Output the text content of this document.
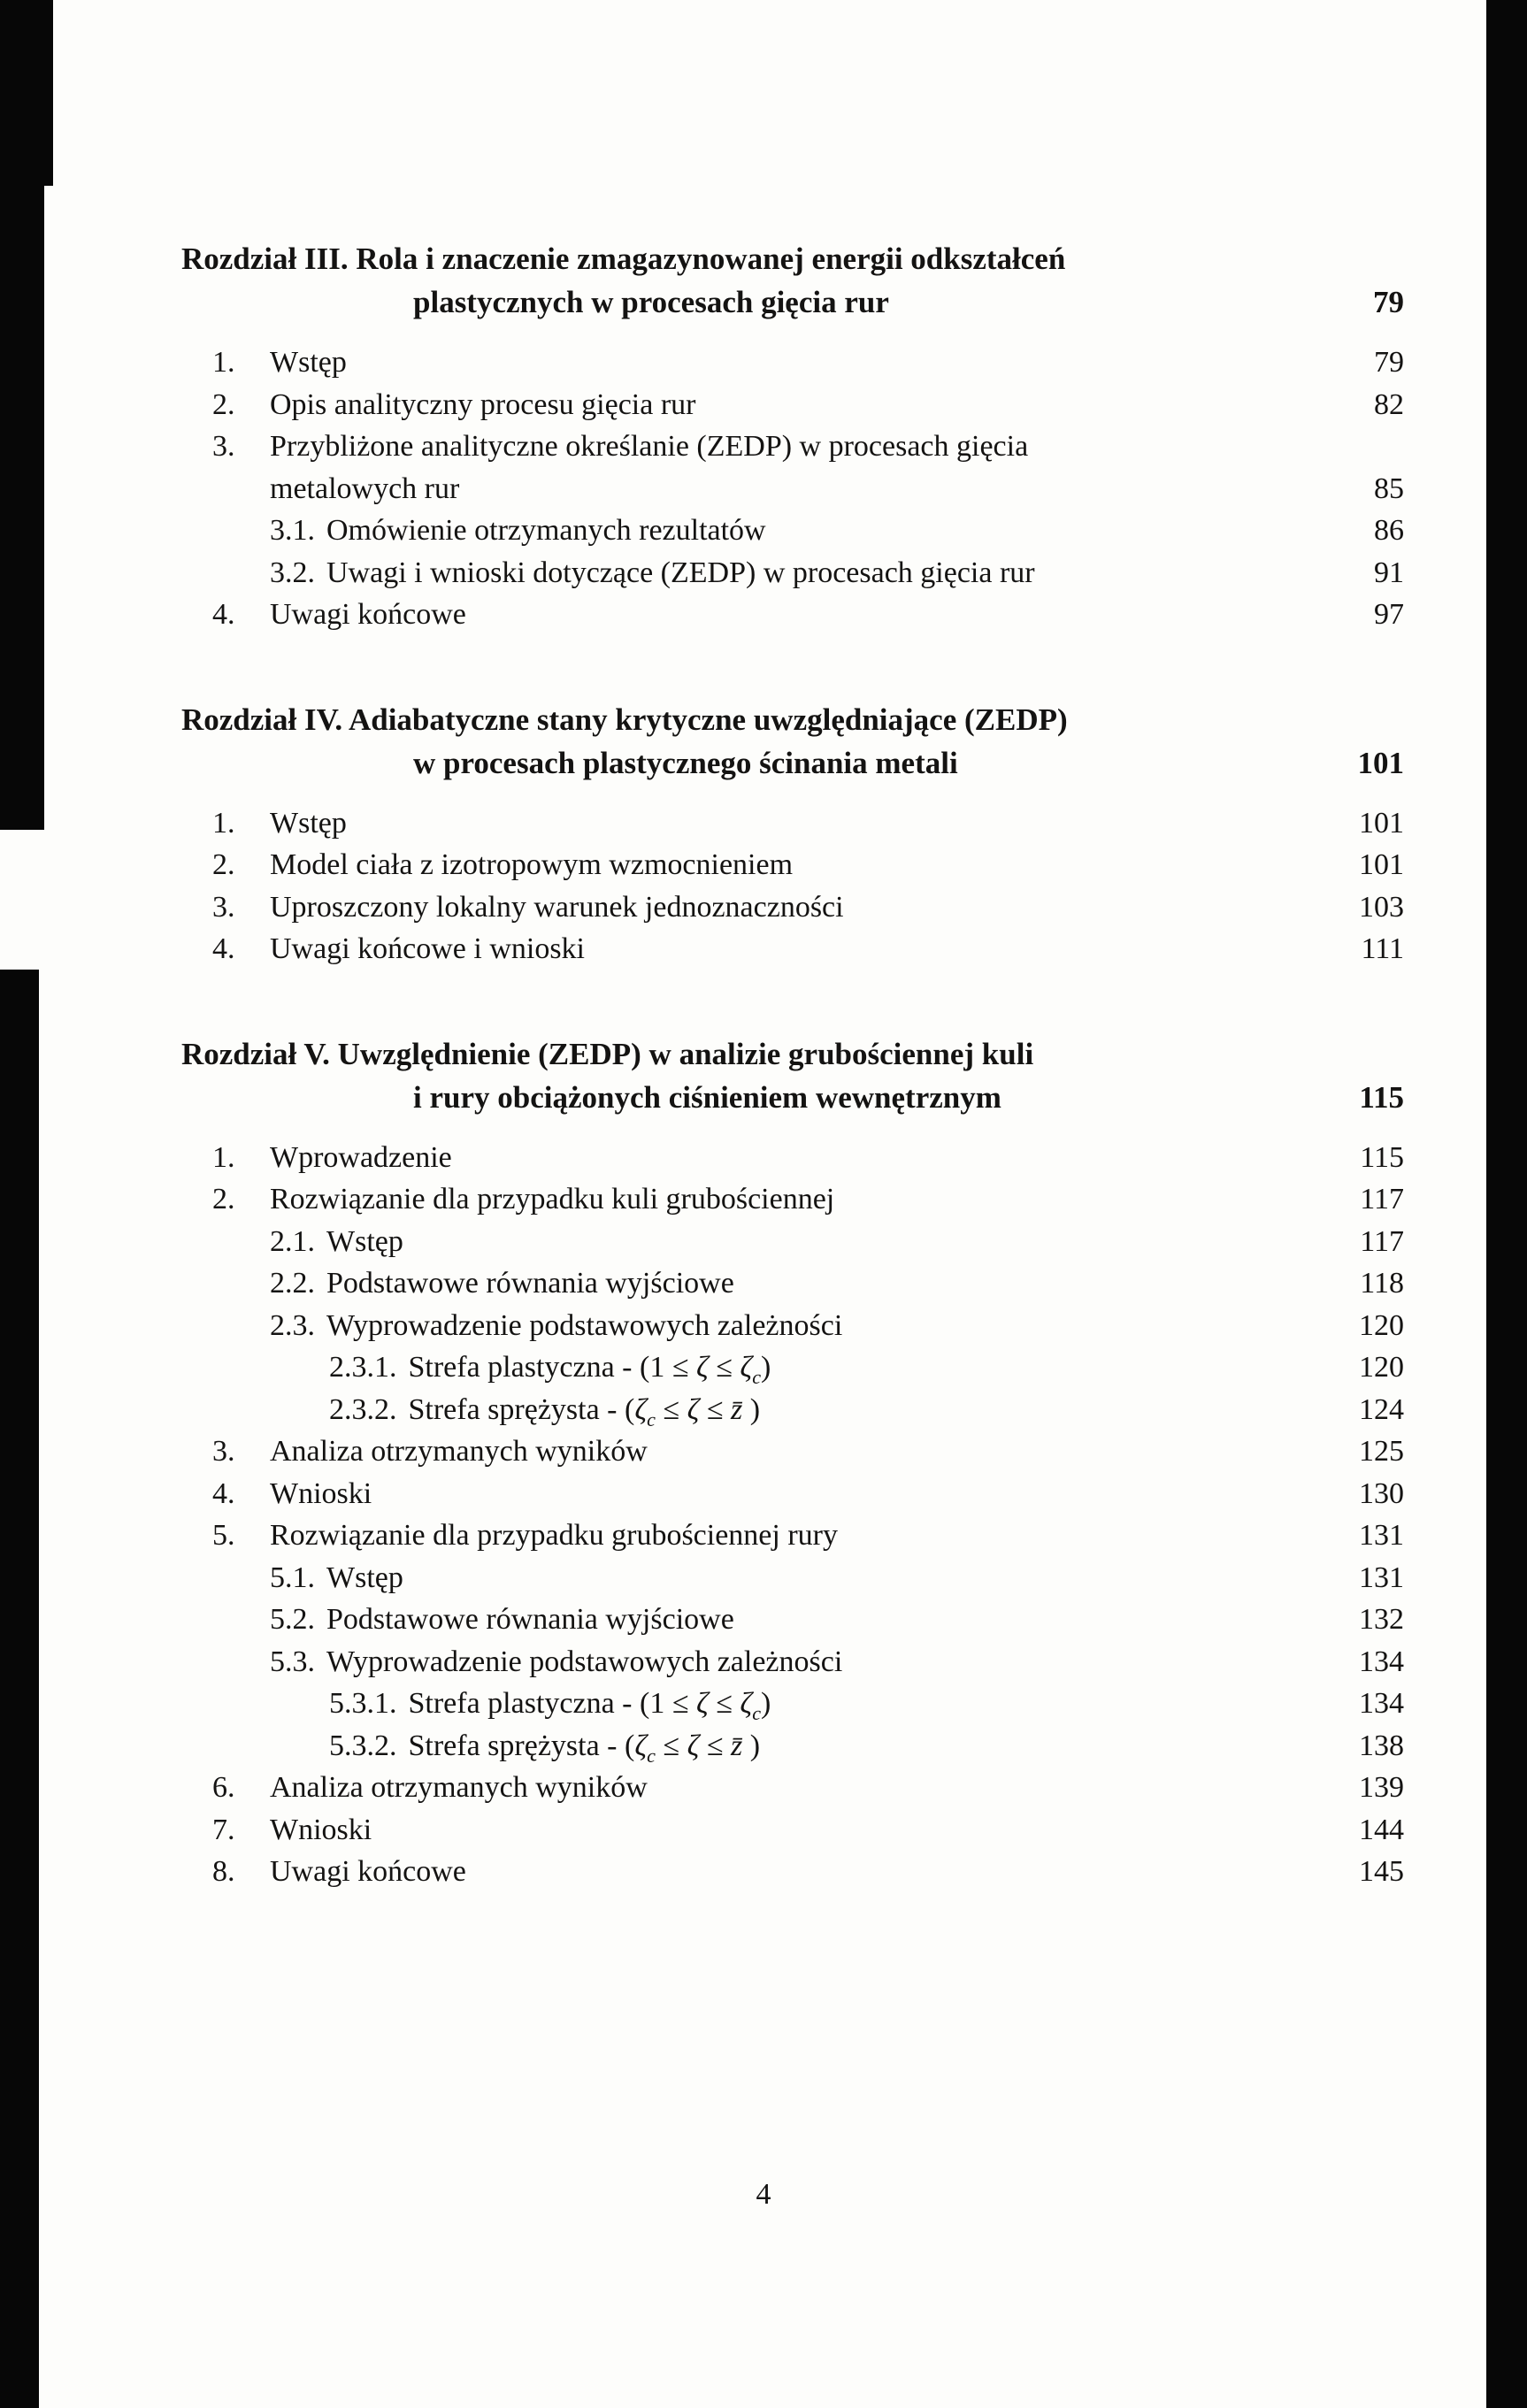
Rozdział III. Rola i znaczenie zmagazynowanej energii odkształceń
plastycznych w procesach gięcia rur	79
1. Wstęp	79
2. Opis analityczny procesu gięcia rur	82
3. Przybliżone analityczne określanie (ZEDP) w procesach gięcia
metalowych rur	85
3.1. Omówienie otrzymanych rezultatów	86
3.2. Uwagi i wnioski dotyczące (ZEDP) w procesach gięcia rur	91
4. Uwagi końcowe	97
Rozdział IV. Adiabatyczne stany krytyczne uwzględniające (ZEDP)
w procesach plastycznego ścinania metali	101
1. Wstęp	101
2. Model ciała z izotropowym wzmocnieniem	101
3. Uproszczony lokalny warunek jednoznaczności	103
4. Uwagi końcowe i wnioski	111
Rozdział V. Uwzględnienie (ZEDP) w analizie grubościennej kuli
i rury obciążonych ciśnieniem wewnętrznym	115
1. Wprowadzenie	115
2. Rozwiązanie dla przypadku kuli grubościennej	117
2.1. Wstęp	117
2.2. Podstawowe równania wyjściowe	118
2.3. Wyprowadzenie podstawowych zależności	120
2.3.1. Strefa plastyczna - $(1 \le \zeta \le \zeta_c)$	120
2.3.2. Strefa sprężysta - ($\zeta_c \le \zeta$ ≤ z̄ )	124
3. Analiza otrzymanych wyników	125
4. Wnioski	130
5. Rozwiązanie dla przypadku grubościennej rury	131
5.1. Wstęp	131
5.2. Podstawowe równania wyjściowe	132
5.3. Wyprowadzenie podstawowych zależności	134
5.3.1. Strefa plastyczna - $(1 \le \zeta \le \zeta_c)$	134
5.3.2. Strefa sprężysta - ($\zeta_c \le \zeta$ ≤ z̄ )	138
6. Analiza otrzymanych wyników	139
7. Wnioski	144
8. Uwagi końcowe	145
4
